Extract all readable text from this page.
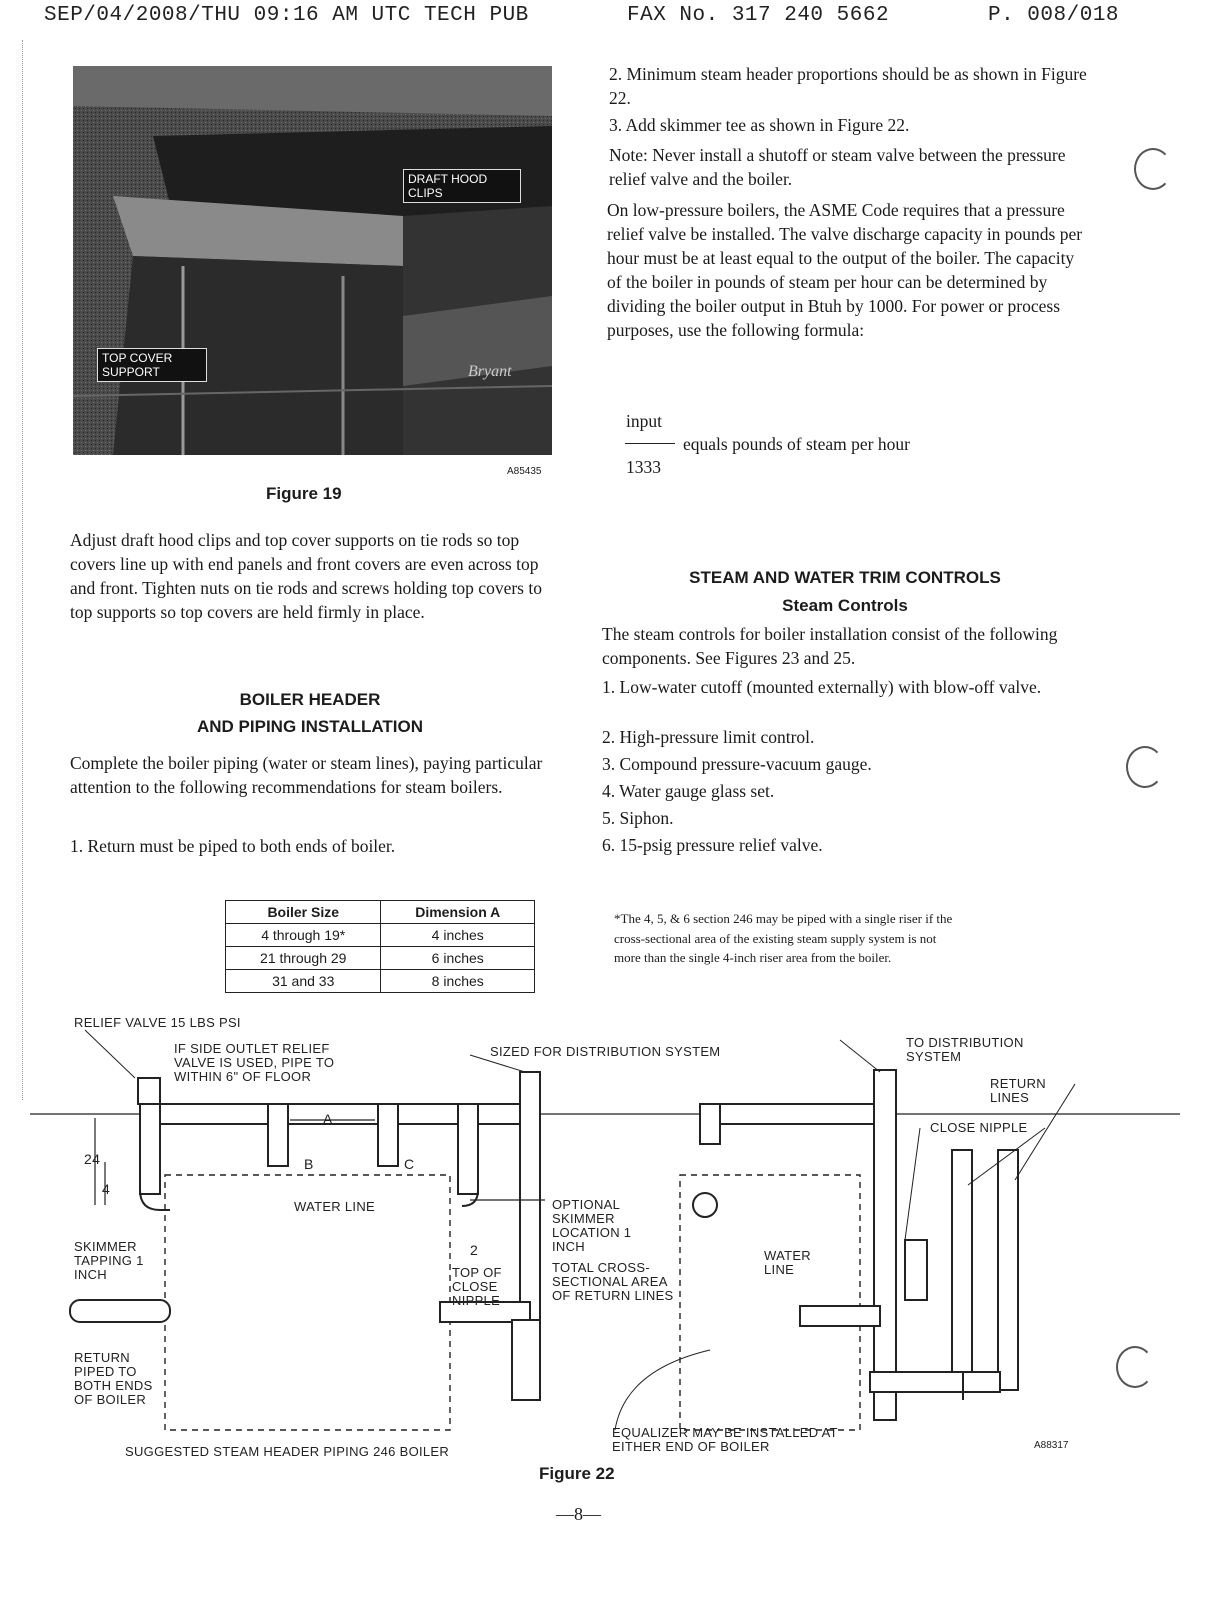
SEP/04/2008/THU 09:16 AM UTC TECH PUB	FAX No. 317 240 5662	P. 008/018
Bryant
DRAFT HOOD CLIPS
TOP COVER SUPPORT
A85435
Figure 19

Adjust draft hood clips and top cover supports on tie rods so top covers line up with end panels and front covers are even across top and front. Tighten nuts on tie rods and screws holding top covers to top supports so top covers are held firmly in place.

BOILER HEADER
AND PIPING INSTALLATION

Complete the boiler piping (water or steam lines), paying particular attention to the following recommendations for steam boilers.

1. Return must be piped to both ends of boiler.

2. Minimum steam header proportions should be as shown in Figure 22.

3. Add skimmer tee as shown in Figure 22.

Note: Never install a shutoff or steam valve between the pressure relief valve and the boiler.

On low-pressure boilers, the ASME Code requires that a pressure relief valve be installed. The valve discharge capacity in pounds per hour must be at least equal to the output of the boiler. The capacity of the boiler in pounds of steam per hour can be determined by dividing the boiler output in Btuh by 1000. For power or process purposes, use the following formula:

input
equals pounds of steam per hour
1333
STEAM AND WATER TRIM CONTROLS
Steam Controls

The steam controls for boiler installation consist of the following components. See Figures 23 and 25.

1. Low-water cutoff (mounted externally) with blow-off valve.

2. High-pressure limit control.

3. Compound pressure-vacuum gauge.

4. Water gauge glass set.

5. Siphon.

6. 15-psig pressure relief valve.

Boiler Size	Dimension A
4 through 19*	4 inches
21 through 29	6 inches
31 and 33	8 inches

*The 4, 5, & 6 section 246 may be piped with a single riser if the cross-sectional area of the existing steam supply system is not more than the single 4-inch riser area from the boiler.

RELIEF VALVE 15 LBS PSI
IF SIDE OUTLET RELIEF VALVE IS USED, PIPE TO WITHIN 6" OF FLOOR
SIZED FOR DISTRIBUTION SYSTEM
TO DISTRIBUTION SYSTEM
RETURN LINES
CLOSE NIPPLE
24
4
A
B	C
WATER LINE	OPTIONAL SKIMMER LOCATION 1 INCH
2
TOP OF CLOSE NIPPLE
TOTAL CROSS-SECTIONAL AREA OF RETURN LINES
SKIMMER TAPPING 1 INCH
WATER LINE
RETURN PIPED TO BOTH ENDS OF BOILER
EQUALIZER MAY BE INSTALLED AT EITHER END OF BOILER
SUGGESTED STEAM HEADER PIPING 246 BOILER	A88317
Figure 22
—8—
